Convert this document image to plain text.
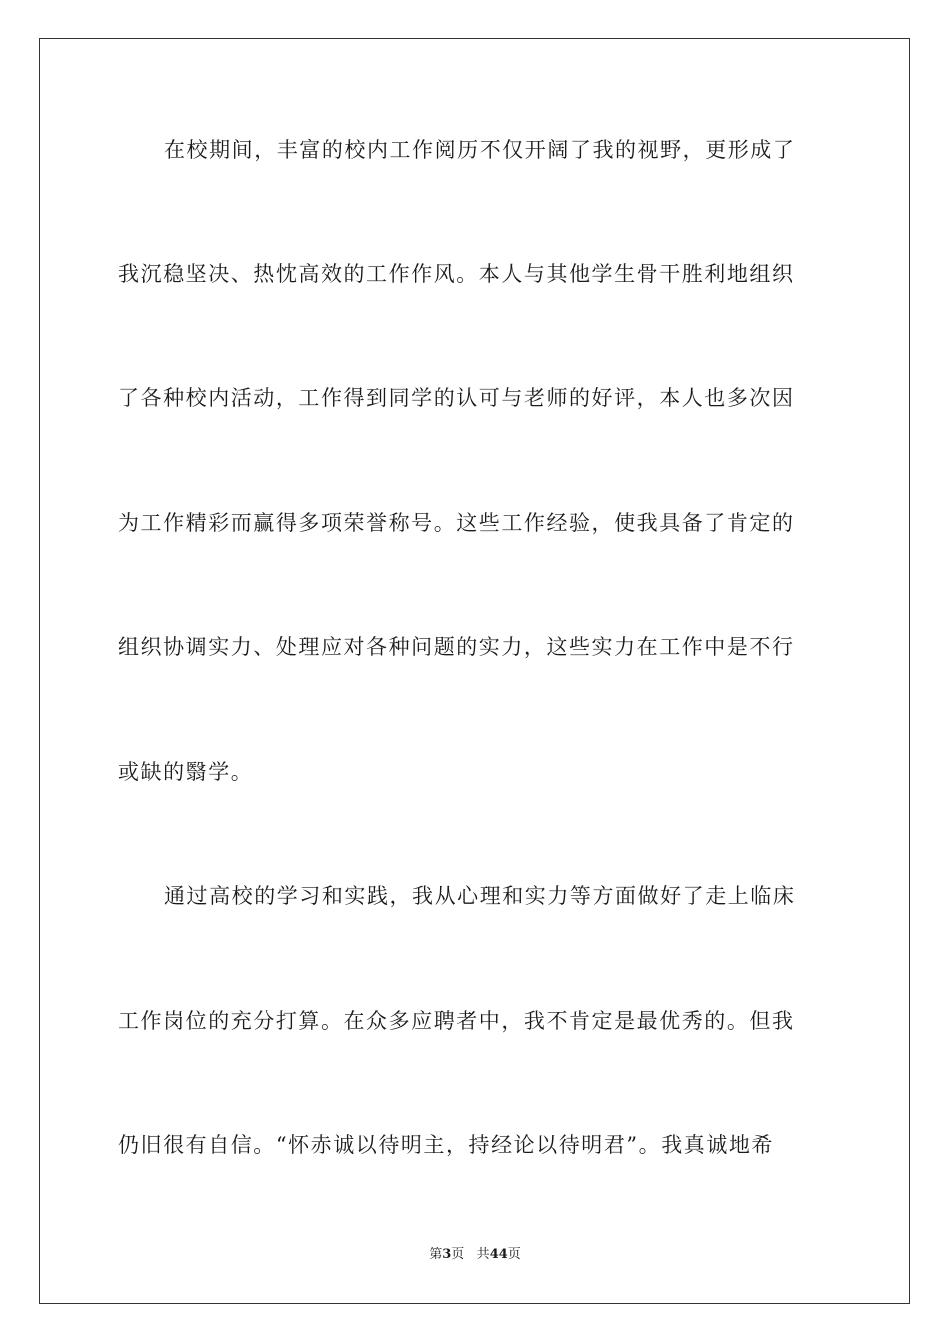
在校期间，丰富的校内工作阅历不仅开阔了我的视野，更形成了
我沉稳坚决、热忱高效的工作作风。本人与其他学生骨干胜利地组织
了各种校内活动，工作得到同学的认可与老师的好评，本人也多次因
为工作精彩而赢得多项荣誉称号。这些工作经验，使我具备了肯定的
组织协调实力、处理应对各种问题的实力，这些实力在工作中是不行
或缺的翳学。
通过高校的学习和实践，我从心理和实力等方面做好了走上临床
工作岗位的充分打算。在众多应聘者中，我不肯定是最优秀的。但我
仍旧很有自信。“怀赤诚以待明主，持经论以待明君”。我真诚地希
第3页 共44页
